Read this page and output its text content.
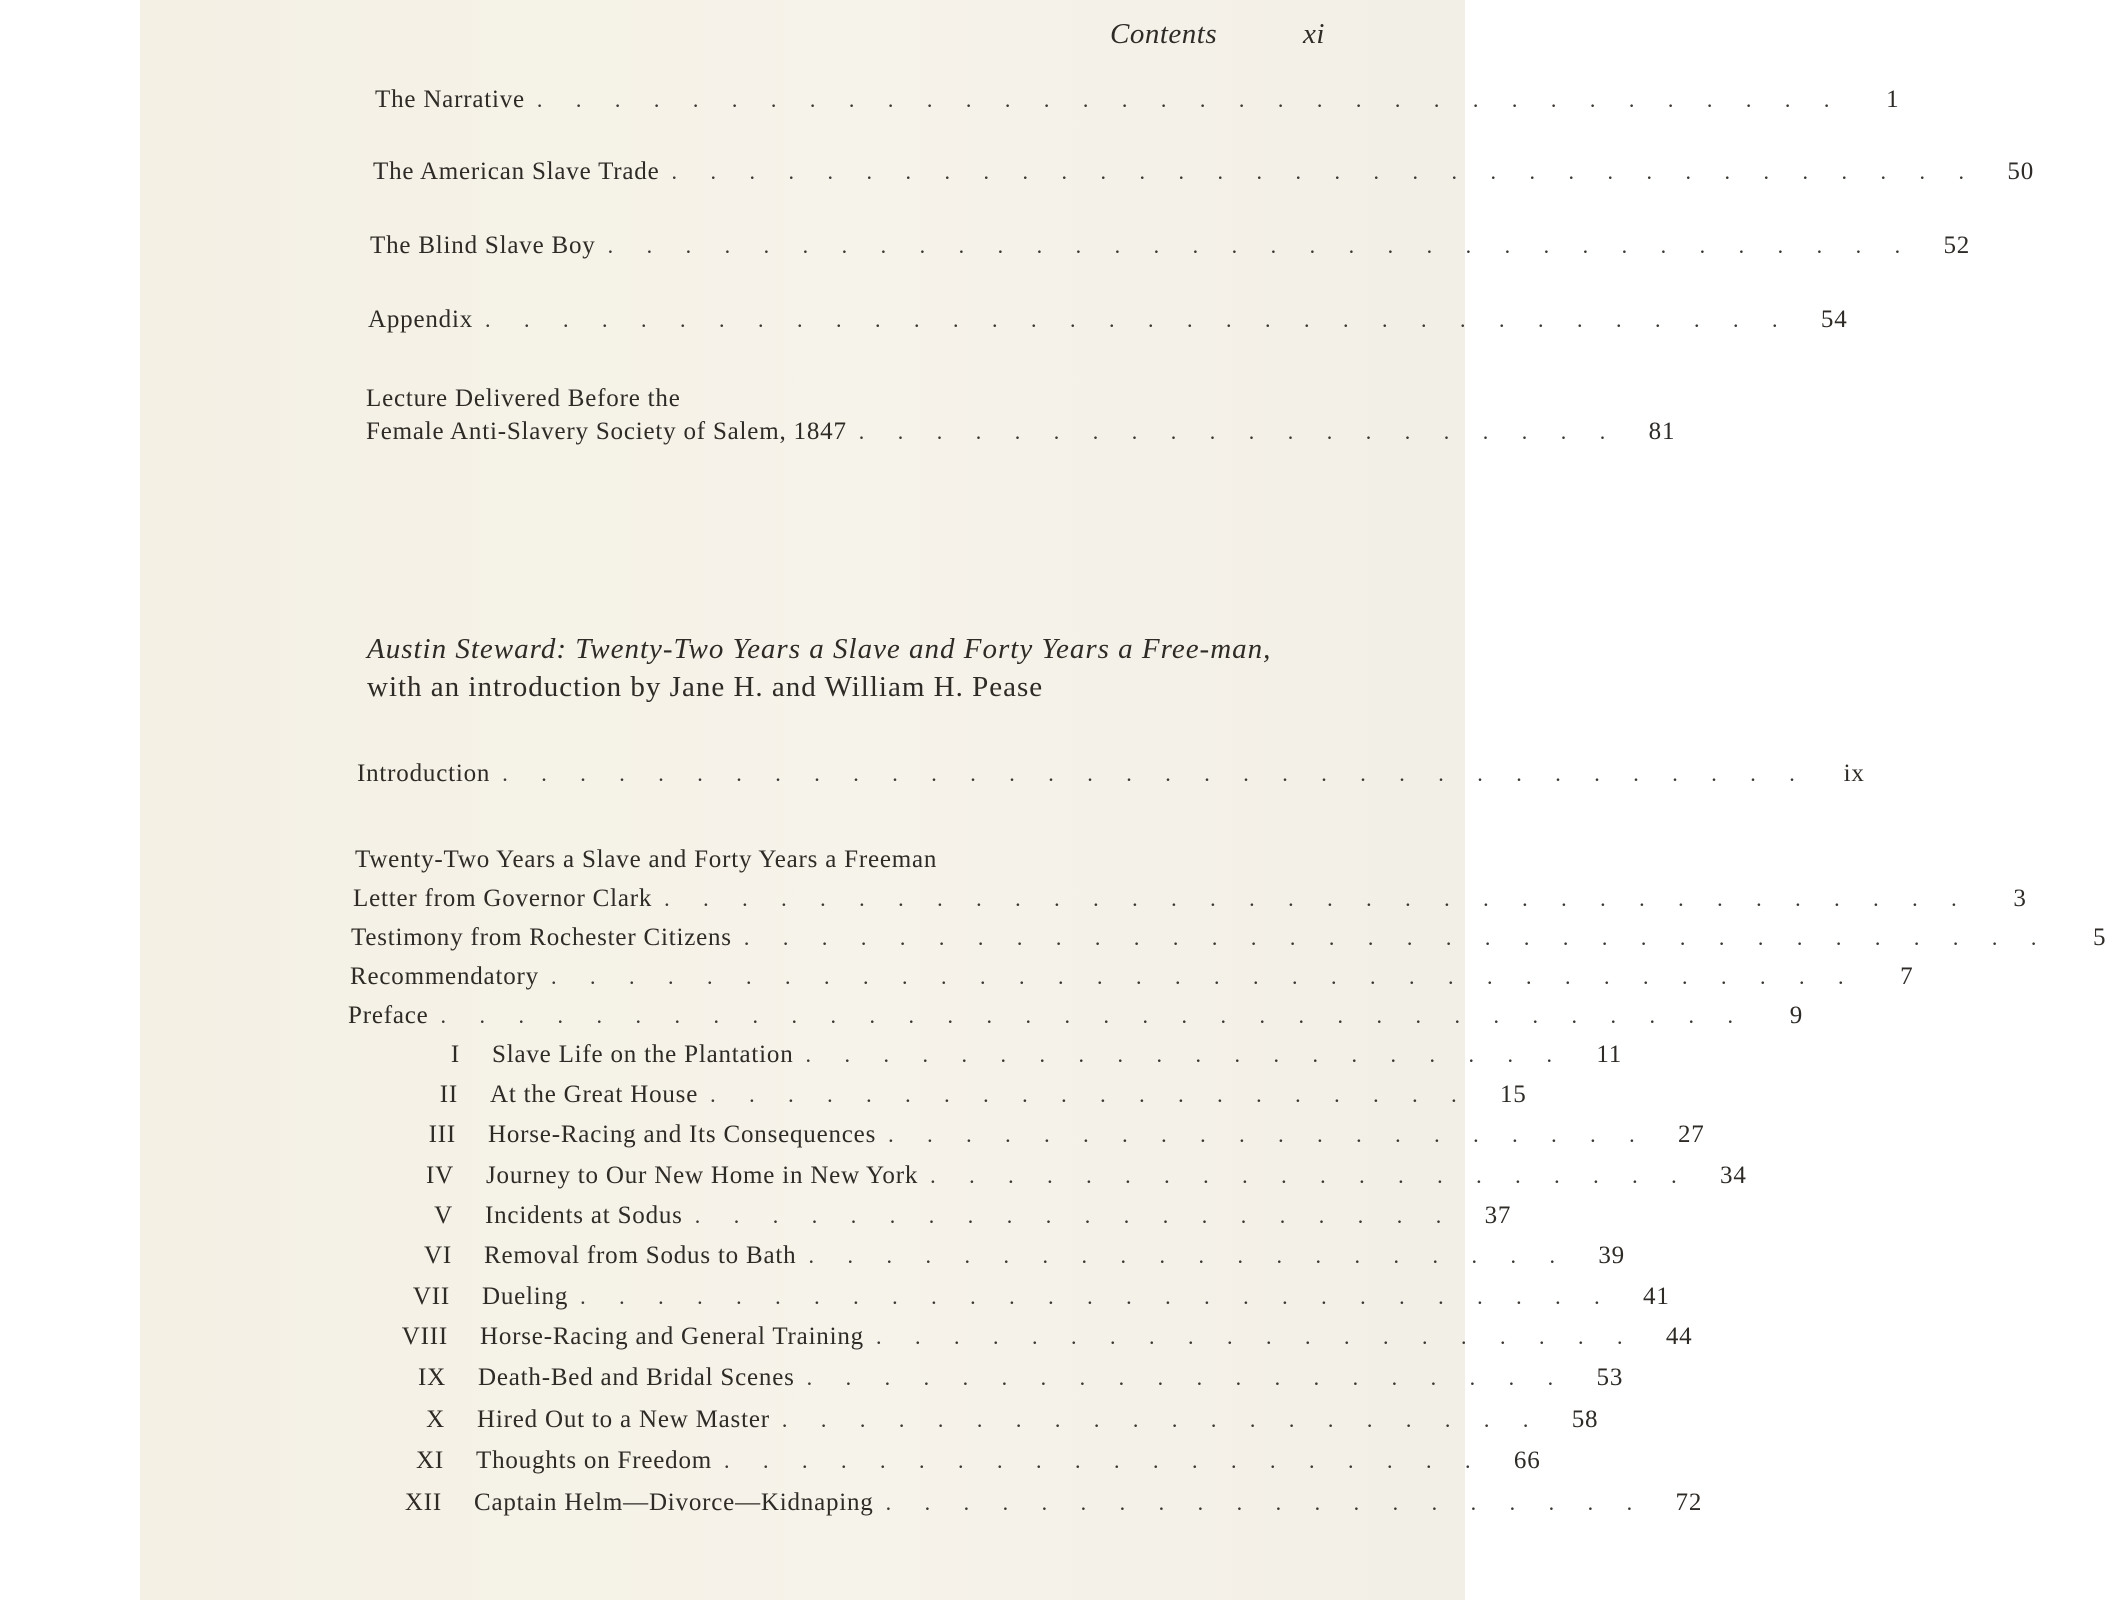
Contents	xi
The Narrative . . . . . . . . . . . . . . . . . . . . . . . . . . . . . . . . . .	1
The American Slave Trade . . . . . . . . . . . . . . . . . . . . . . . . . . . . . . . . . .	50
The Blind Slave Boy . . . . . . . . . . . . . . . . . . . . . . . . . . . . . . . . . .	52
Appendix . . . . . . . . . . . . . . . . . . . . . . . . . . . . . . . . . .	54
Lecture Delivered Before the
Female Anti-Slavery Society of Salem, 1847 . . . . . . . . . . . . . . . . . . . .	81
Austin Steward: Twenty-Two Years a Slave and Forty Years a Free-man, with an introduction by Jane H. and William H. Pease
Introduction . . . . . . . . . . . . . . . . . . . . . . . . . . . . . . . . . .	ix
Twenty-Two Years a Slave and Forty Years a Freeman
Letter from Governor Clark . . . . . . . . . . . . . . . . . . . . . . . . . . . . . . . . . .	3
Testimony from Rochester Citizens . . . . . . . . . . . . . . . . . . . . . . . . . . . . . . . . . .	5
Recommendatory . . . . . . . . . . . . . . . . . . . . . . . . . . . . . . . . . .	7
Preface . . . . . . . . . . . . . . . . . . . . . . . . . . . . . . . . . .	9
I Slave Life on the Plantation . . . . . . . . . . . . . . . . . . . .	11
II At the Great House . . . . . . . . . . . . . . . . . . . .	15
III Horse-Racing and Its Consequences . . . . . . . . . . . . . . . . . . . .	27
IV Journey to Our New Home in New York . . . . . . . . . . . . . . . . . . . .	34
V Incidents at Sodus . . . . . . . . . . . . . . . . . . . .	37
VI Removal from Sodus to Bath . . . . . . . . . . . . . . . . . . . .	39
VII Dueling . . . . . . . . . . . . . . . . . . . . . . . . . . .	41
VIII Horse-Racing and General Training . . . . . . . . . . . . . . . . . . . .	44
IX Death-Bed and Bridal Scenes . . . . . . . . . . . . . . . . . . . .	53
X Hired Out to a New Master . . . . . . . . . . . . . . . . . . . .	58
XI Thoughts on Freedom . . . . . . . . . . . . . . . . . . . .	66
XII Captain Helm—Divorce—Kidnaping . . . . . . . . . . . . . . . . . . . .	72
